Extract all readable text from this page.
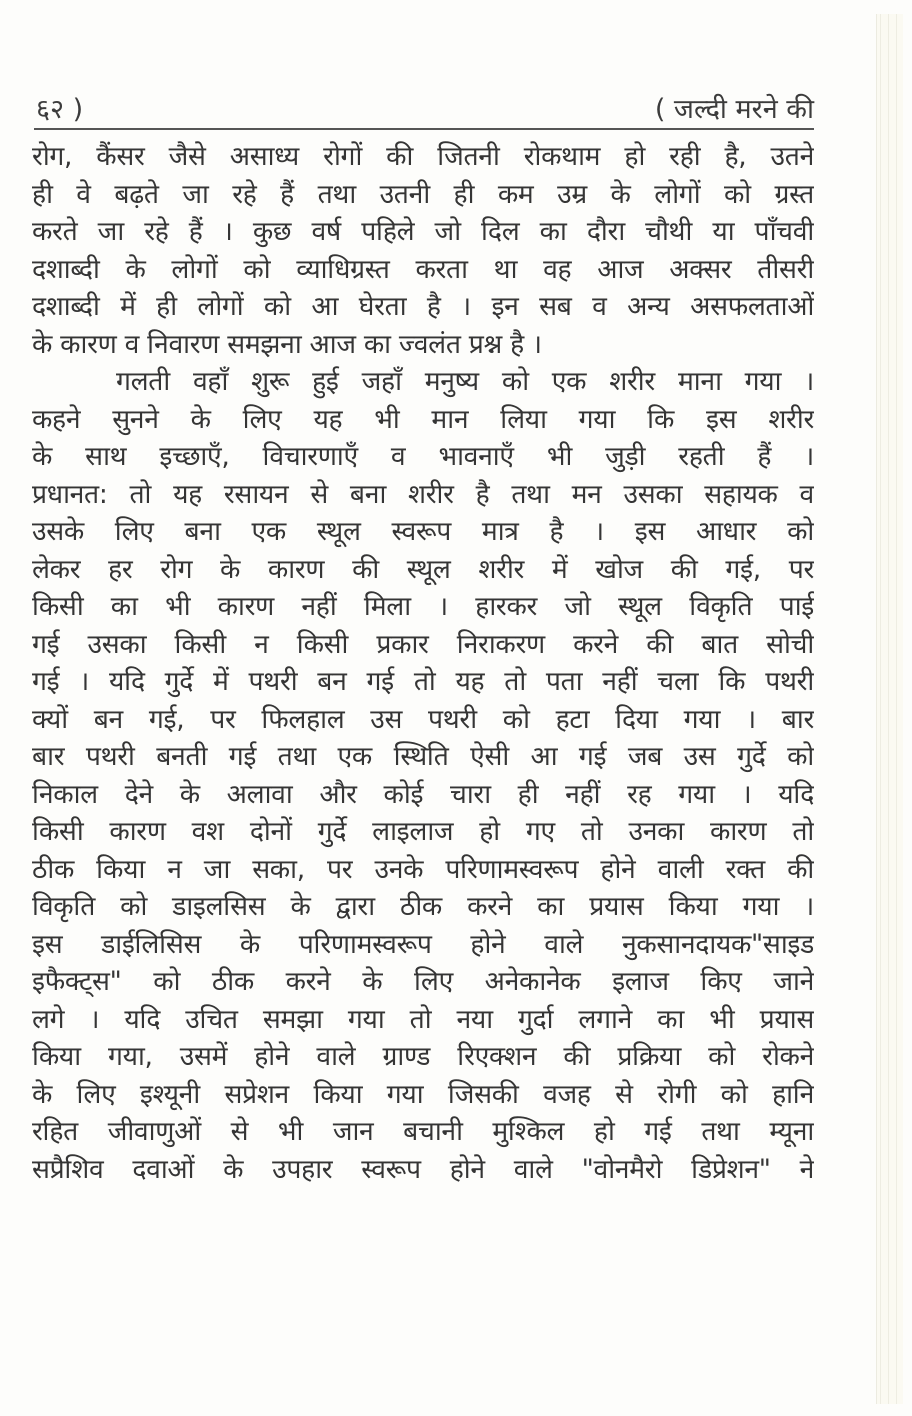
६२ )	( जल्दी मरने की
रोग, कैंसर जैसे असाध्य रोगों की जितनी रोकथाम हो रही है, उतने
ही वे बढ़ते जा रहे हैं तथा उतनी ही कम उम्र के लोगों को ग्रस्त
करते जा रहे हैं । कुछ वर्ष पहिले जो दिल का दौरा चौथी या पाँचवी
दशाब्दी के लोगों को व्याधिग्रस्त करता था वह आज अक्सर तीसरी
दशाब्दी में ही लोगों को आ घेरता है । इन सब व अन्य असफलताओं
के कारण व निवारण समझना आज का ज्वलंत प्रश्न है ।
गलती वहाँ शुरू हुई जहाँ मनुष्य को एक शरीर माना गया ।
कहने सुनने के लिए यह भी मान लिया गया कि इस शरीर
के साथ इच्छाएँ, विचारणाएँ व भावनाएँ भी जुड़ी रहती हैं ।
प्रधानत: तो यह रसायन से बना शरीर है तथा मन उसका सहायक व
उसके लिए बना एक स्थूल स्वरूप मात्र है । इस आधार को
लेकर हर रोग के कारण की स्थूल शरीर में खोज की गई, पर
किसी का भी कारण नहीं मिला । हारकर जो स्थूल विकृति पाई
गई उसका किसी न किसी प्रकार निराकरण करने की बात सोची
गई । यदि गुर्दे में पथरी बन गई तो यह तो पता नहीं चला कि पथरी
क्यों बन गई, पर फिलहाल उस पथरी को हटा दिया गया । बार
बार पथरी बनती गई तथा एक स्थिति ऐसी आ गई जब उस गुर्दे को
निकाल देने के अलावा और कोई चारा ही नहीं रह गया । यदि
किसी कारण वश दोनों गुर्दे लाइलाज हो गए तो उनका कारण तो
ठीक किया न जा सका, पर उनके परिणामस्वरूप होने वाली रक्त की
विकृति को डाइलसिस के द्वारा ठीक करने का प्रयास किया गया ।
इस डाईलिसिस के परिणामस्वरूप होने वाले नुकसानदायक"साइड
इफैक्ट्स" को ठीक करने के लिए अनेकानेक इलाज किए जाने
लगे । यदि उचित समझा गया तो नया गुर्दा लगाने का भी प्रयास
किया गया, उसमें होने वाले ग्राण्ड रिएक्शन की प्रक्रिया को रोकने
के लिए इश्यूनी सप्रेशन किया गया जिसकी वजह से रोगी को हानि
रहित जीवाणुओं से भी जान बचानी मुश्किल हो गई तथा म्यूना
सप्रैशिव दवाओं के उपहार स्वरूप होने वाले "वोनमैरो डिप्रेशन" ने
